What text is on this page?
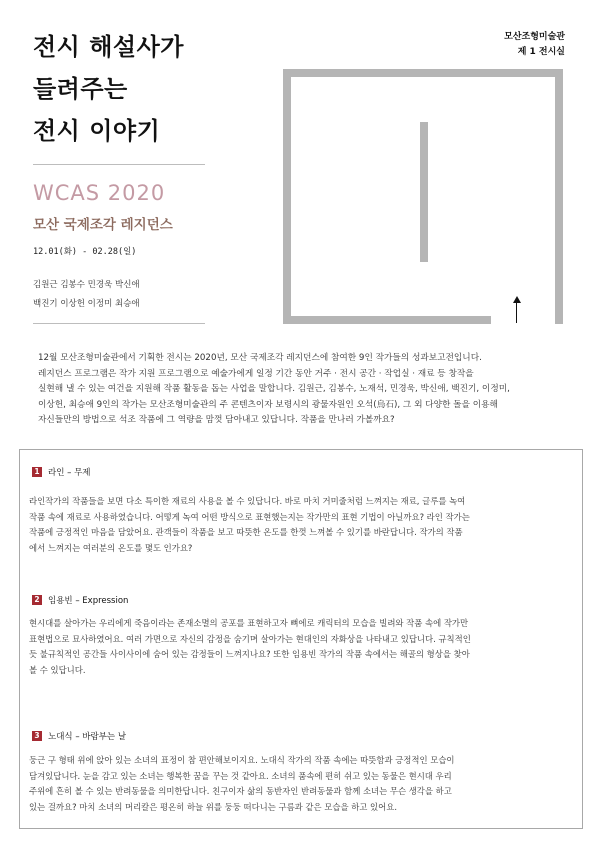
전시 해설사가
들려주는
전시 이야기
WCAS 2020
모산 국제조각 레지던스
12.01(화) - 02.28(일)
김원근 김봉수 민경욱 박신애
백진기 이상헌 이정미 최승애
모산조형미술관
제 1 전시실

12월 모산조형미술관에서 기획한 전시는 2020년, 모산 국제조각 레지던스에 참여한 9인 작가들의 성과보고전입니다.

레지던스 프로그램은 작가 지원 프로그램으로 예술가에게 일정 기간 동안 거주 · 전시 공간 · 작업실 · 재료 등 창작을

실현해 낼 수 있는 여건을 지원해 작품 활동을 돕는 사업을 말합니다. 김원근, 김봉수, 노재석, 민경욱, 박신애, 백진기, 이정미,

이상헌, 최승애 9인의 작가는 모산조형미술관의 주 콘텐츠이자 보령시의 광물자원인 오석(烏石), 그 외 다양한 돌을 이용해

자신들만의 방법으로 석조 작품에 그 역량을 맘껏 담아내고 있답니다. 작품을 만나러 가볼까요?

1 라인 – 무제

라인작가의 작품들을 보면 다소 특이한 재료의 사용을 볼 수 있답니다. 바로 마치 거미줄처럼 느껴지는 재료, 글루를 녹여

작품 속에 재료로 사용하였습니다. 어떻게 녹여 어떤 방식으로 표현했는지는 작가만의 표현 기법이 아닐까요? 라인 작가는

작품에 긍정적인 마음을 담았어요. 관객들이 작품을 보고 따뜻한 온도를 한껏 느껴볼 수 있기를 바란답니다. 작가의 작품

에서 느껴지는 여러분의 온도를 몇도 인가요?

2 임용빈 – Expression

현시대를 살아가는 우리에게 죽음이라는 존재소멸의 공포를 표현하고자 뼈에로 캐릭터의 모습을 빌려와 작품 속에 작가만

표현법으로 묘사하였어요. 여러 가면으로 자신의 감정을 숨기며 살아가는 현대인의 자화상을 나타내고 있답니다. 규칙적인

듯 불규칙적인 공간들 사이사이에 숨어 있는 감정들이 느껴지나요? 또한 임용빈 작가의 작품 속에서는 해골의 형상을 찾아

볼 수 있답니다.

3 노대식 – 바람부는 날

둥근 구 형태 위에 앉아 있는 소녀의 표정이 참 편안해보이지요. 노대식 작가의 작품 속에는 따뜻함과 긍정적인 모습이

담겨있답니다. 눈을 감고 있는 소녀는 행복한 꿈을 꾸는 것 같아요. 소녀의 품속에 편히 쉬고 있는 동물은 현시대 우리

주위에 흔히 볼 수 있는 반려동물을 의미한답니다. 친구이자 삶의 동반자인 반려동물과 함께 소녀는 무슨 생각을 하고

있는 걸까요? 마치 소녀의 머리칼은 평온히 하늘 위를 둥둥 떠다니는 구름과 같은 모습을 하고 있어요.
